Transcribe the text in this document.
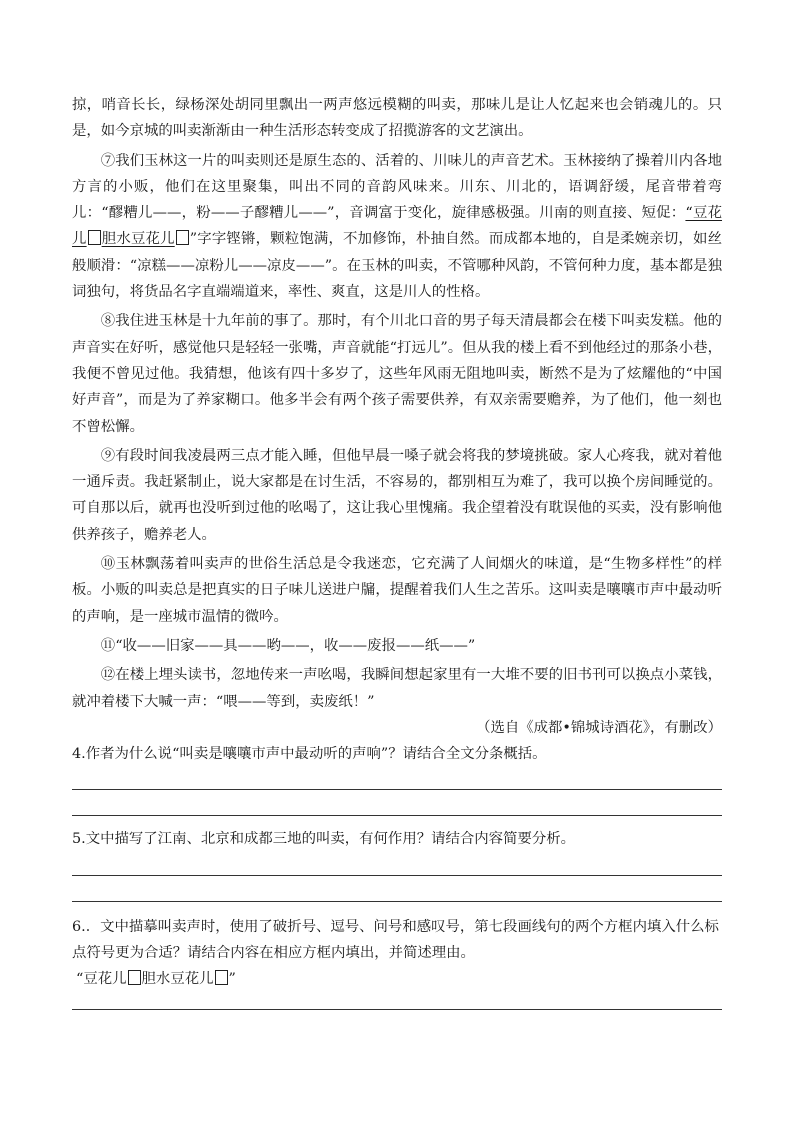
掠，哨音长长，绿杨深处胡同里飘出一两声悠远模糊的叫卖，那味儿是让人忆起来也会销魂儿的。只是，如今京城的叫卖渐渐由一种生活形态转变成了招揽游客的文艺演出。

⑦我们玉林这一片的叫卖则还是原生态的、活着的、川味儿的声音艺术。玉林接纳了操着川内各地方言的小贩，他们在这里聚集，叫出不同的音韵风味来。川东、川北的，语调舒缓，尾音带着弯儿：“醪糟儿——，粉——子醪糟儿——”，音调富于变化，旋律感极强。川南的则直接、短促：“豆花儿 胆水豆花儿 ”字字铿锵，颗粒饱满，不加修饰，朴抽自然。而成都本地的，自是柔婉亲切，如丝般顺滑：“凉糕——凉粉儿——凉皮——”。在玉林的叫卖，不管哪种风韵，不管何种力度，基本都是独词独句，将货品名字直端端道来，率性、爽直，这是川人的性格。

⑧我住进玉林是十九年前的事了。那时，有个川北口音的男子每天清晨都会在楼下叫卖发糕。他的声音实在好听，感觉他只是轻轻一张嘴，声音就能“打远儿”。但从我的楼上看不到他经过的那条小巷，我便不曾见过他。我猜想，他该有四十多岁了，这些年风雨无阻地叫卖，断然不是为了炫耀他的“中国好声音”，而是为了养家糊口。他多半会有两个孩子需要供养，有双亲需要赡养，为了他们，他一刻也不曾松懈。

⑨有段时间我凌晨两三点才能入睡，但他早晨一嗓子就会将我的梦境挑破。家人心疼我，就对着他一通斥责。我赶紧制止，说大家都是在讨生活，不容易的，都别相互为难了，我可以换个房间睡觉的。可自那以后，就再也没听到过他的吆喝了，这让我心里愧痛。我企望着没有耽误他的买卖，没有影响他供养孩子，赡养老人。

⑩玉林飘荡着叫卖声的世俗生活总是令我迷恋，它充满了人间烟火的味道，是“生物多样性”的样板。小贩的叫卖总是把真实的日子味儿送进户牖，提醒着我们人生之苦乐。这叫卖是嚷嚷市声中最动听的声响，是一座城市温情的微吟。

⑪“收——旧家——具——哟——，收——废报——纸——”

⑫在楼上埋头读书，忽地传来一声吆喝，我瞬间想起家里有一大堆不要的旧书刊可以换点小菜钱，就冲着楼下大喊一声：“喂——等到，卖废纸！”

（选自《成都•锦城诗酒花》，有删改）

4.作者为什么说“叫卖是嚷嚷市声中最动听的声响”？请结合全文分条概括。

5.文中描写了江南、北京和成都三地的叫卖，有何作用？请结合内容简要分析。

6.．文中描摹叫卖声时，使用了破折号、逗号、问号和感叹号，第七段画线句的两个方框内填入什么标点符号更为合适？请结合内容在相应方框内填出，并简述理由。

“豆花儿 胆水豆花儿 ”
